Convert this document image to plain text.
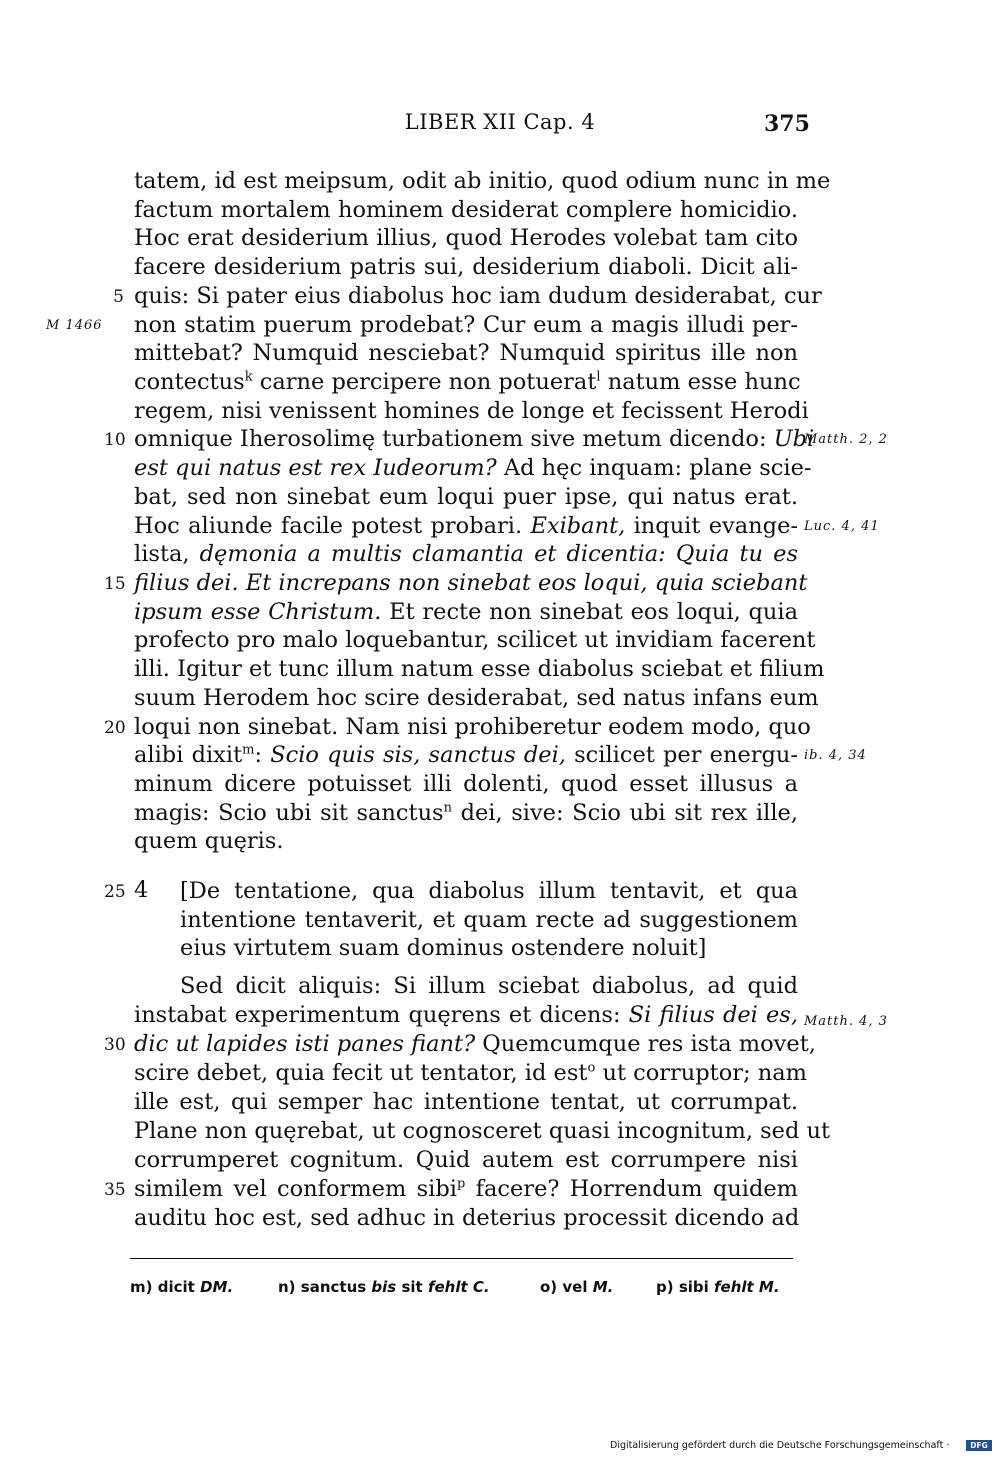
LIBER XII Cap. 4	375
tatem, id est meipsum, odit ab initio, quod odium nunc in me
factum mortalem hominem desiderat complere homicidio.
Hoc erat desiderium illius, quod Herodes volebat tam cito
facere desiderium patris sui, desiderium diaboli. Dicit ali-
quis: Si pater eius diabolus hoc iam dudum desiderabat, cur
non statim puerum prodebat? Cur eum a magis illudi per-
mittebat? Numquid nesciebat? Numquid spiritus ille non
contectus$^k$ carne percipere non potuerat$^l$ natum esse hunc
regem, nisi venissent homines de longe et fecissent Herodi
omnique Iherosolimę turbationem sive metum dicendo: Ubi
est qui natus est rex Iudeorum? Ad hęc inquam: plane scie-
bat, sed non sinebat eum loqui puer ipse, qui natus erat.
Hoc aliunde facile potest probari. Exibant, inquit evange-
lista, dęmonia a multis clamantia et dicentia: Quia tu es
filius dei. Et increpans non sinebat eos loqui, quia sciebant
ipsum esse Christum. Et recte non sinebat eos loqui, quia
profecto pro malo loquebantur, scilicet ut invidiam facerent
illi. Igitur et tunc illum natum esse diabolus sciebat et filium
suum Herodem hoc scire desiderabat, sed natus infans eum
loqui non sinebat. Nam nisi prohiberetur eodem modo, quo
alibi dixit$^m$: Scio quis sis, sanctus dei, scilicet per energu-
minum dicere potuisset illi dolenti, quod esset illusus a
magis: Scio ubi sit sanctus$^n$ dei, sive: Scio ubi sit rex ille,
quem quęris.
4 [De tentatione, qua diabolus illum tentavit, et qua
intentione tentaverit, et quam recte ad suggestionem
eius virtutem suam dominus ostendere noluit]
Sed dicit aliquis: Si illum sciebat diabolus, ad quid
instabat experimentum quęrens et dicens: Si filius dei es,
dic ut lapides isti panes fiant? Quemcumque res ista movet,
scire debet, quia fecit ut tentator, id est$^o$ ut corruptor; nam
ille est, qui semper hac intentione tentat, ut corrumpat.
Plane non quęrebat, ut cognosceret quasi incognitum, sed ut
corrumperet cognitum. Quid autem est corrumpere nisi
similem vel conformem sibi$^p$ facere? Horrendum quidem
auditu hoc est, sed adhuc in deterius processit dicendo ad
5
10
15
20
25
30
35
M 1466
Matth. 2, 2
Luc. 4, 41
ib. 4, 34
Matth. 4, 3
m) dicit DM.	n) sanctus bis sit fehlt C.	o) vel M.	p) sibi fehlt M.
Digitalisierung gefördert durch die Deutsche Forschungsgemeinschaft ·	DFG
